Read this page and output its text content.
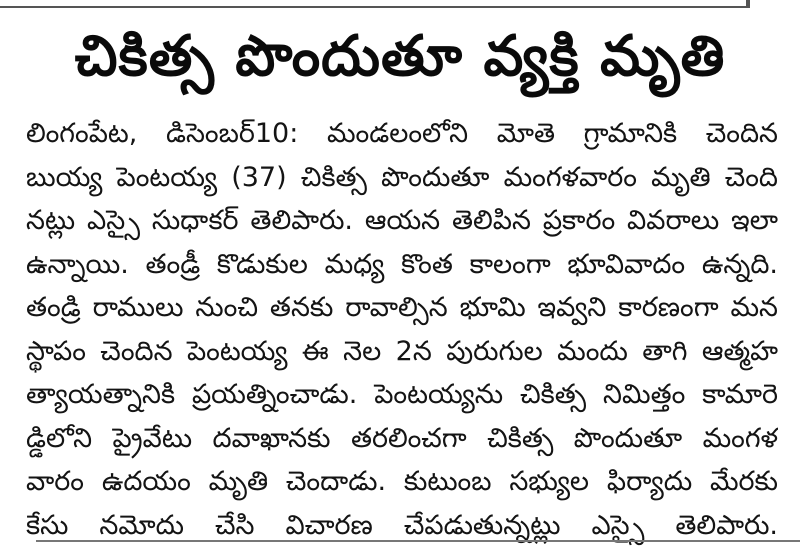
చికిత్స పొందుతూ వ్యక్తి మృతి
లింగంపేట, డిసెంబర్10: మండలంలోని మోతె గ్రామానికి చెందిన
బుయ్య పెంటయ్య (37) చికిత్స పొందుతూ మంగళవారం మృతి చెంది
నట్లు ఎస్సై సుధాకర్ తెలిపారు. ఆయన తెలిపిన ప్రకారం వివరాలు ఇలా
ఉన్నాయి. తండ్రీ కొడుకుల మధ్య కొంత కాలంగా భూవివాదం ఉన్నది.
తండ్రి రాములు నుంచి తనకు రావాల్సిన భూమి ఇవ్వని కారణంగా మన
స్థాపం చెందిన పెంటయ్య ఈ నెల 2న పురుగుల మందు తాగి ఆత్మహ
త్యాయత్నానికి ప్రయత్నించాడు. పెంటయ్యను చికిత్స నిమిత్తం కామారె
డ్డిలోని ప్రైవేటు దవాఖానకు తరలించగా చికిత్స పొందుతూ మంగళ
వారం ఉదయం మృతి చెందాడు. కుటుంబ సభ్యుల ఫిర్యాదు మేరకు
కేసు నమోదు చేసి విచారణ చేపడుతున్నట్లు ఎస్సై తెలిపారు.
